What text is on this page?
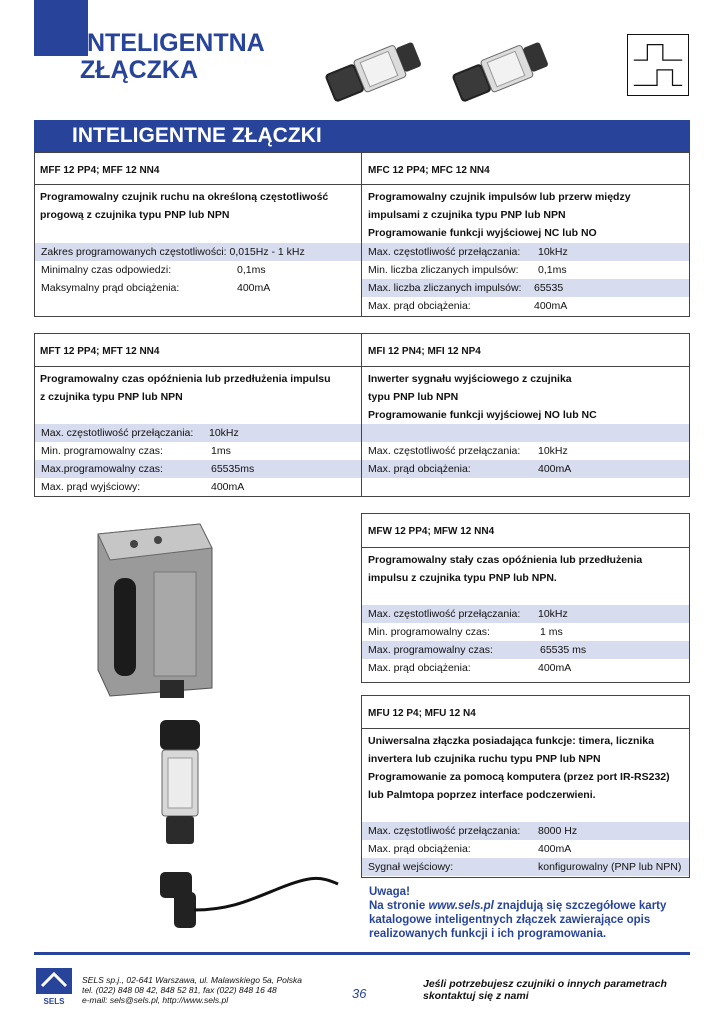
INTELIGENTNA
ZŁĄCZKA
INTELIGENTNE ZŁĄCZKI
MFF 12 PP4; MFF 12 NN4	MFC 12 PP4; MFC 12 NN4
Programowalny czujnik ruchu na określoną częstotliwość
progową z czujnika typu PNP lub NPN
Programowalny czujnik impulsów lub przerw między
impulsami z czujnika typu PNP lub NPN
Programowanie funkcji wyjściowej NC lub NO
Zakres programowanych częstotliwości: 0,015Hz - 1 kHz
Minimalny czas odpowiedzi:	0,1ms
Maksymalny prąd obciążenia:	400mA
Max. częstotliwość przełączania: 10kHz
Min. liczba zliczanych impulsów: 0,1ms
Max. liczba zliczanych impulsów: 65535
Max. prąd obciążenia:	400mA
MFT 12 PP4; MFT 12 NN4	MFI 12 PN4; MFI 12 NP4
Programowalny czas opóźnienia lub przedłużenia impulsu
z czujnika typu PNP lub NPN
Inwerter sygnału wyjściowego z czujnika
typu PNP lub NPN
Programowanie funkcji wyjściowej NO lub NC
Max. częstotliwość przełączania: 10kHz
Min. programowalny czas:	1ms
Max.programowalny czas:	65535ms
Max. prąd wyjściowy:	400mA
Max. częstotliwość przełączania: 10kHz
Max. prąd obciążenia:	400mA
MFW 12 PP4; MFW 12 NN4
Programowalny stały czas opóźnienia lub przedłużenia
impulsu z czujnika typu PNP lub NPN.
Max. częstotliwość przełączania: 10kHz
Min. programowalny czas:	1 ms
Max. programowalny czas:	65535 ms
Max. prąd obciążenia:	400mA
MFU 12 P4; MFU 12 N4
Uniwersalna złączka posiadająca funkcje: timera, licznika
invertera lub czujnika ruchu typu PNP lub NPN
Programowanie za pomocą komputera (przez port IR-RS232)
lub Palmtopa poprzez interface podczerwieni.
Max. częstotliwość przełączania: 8000 Hz
Max. prąd obciążenia:	400mA
Sygnał wejściowy:	konfigurowalny (PNP lub NPN)
Uwaga!
Na stronie www.sels.pl znajdują się szczegółowe karty katalogowe inteligentnych złączek zawierające opis realizowanych funkcji i ich programowania.
SELS
SELS sp.j., 02-641 Warszawa, ul. Malawskiego 5a, Polska
tel. (022) 848 08 42, 848 52 81, fax (022) 848 16 48
e-mail: sels@sels.pl, http://www.sels.pl	36
Jeśli potrzebujesz czujniki o innych parametrach
skontaktuj się z nami
